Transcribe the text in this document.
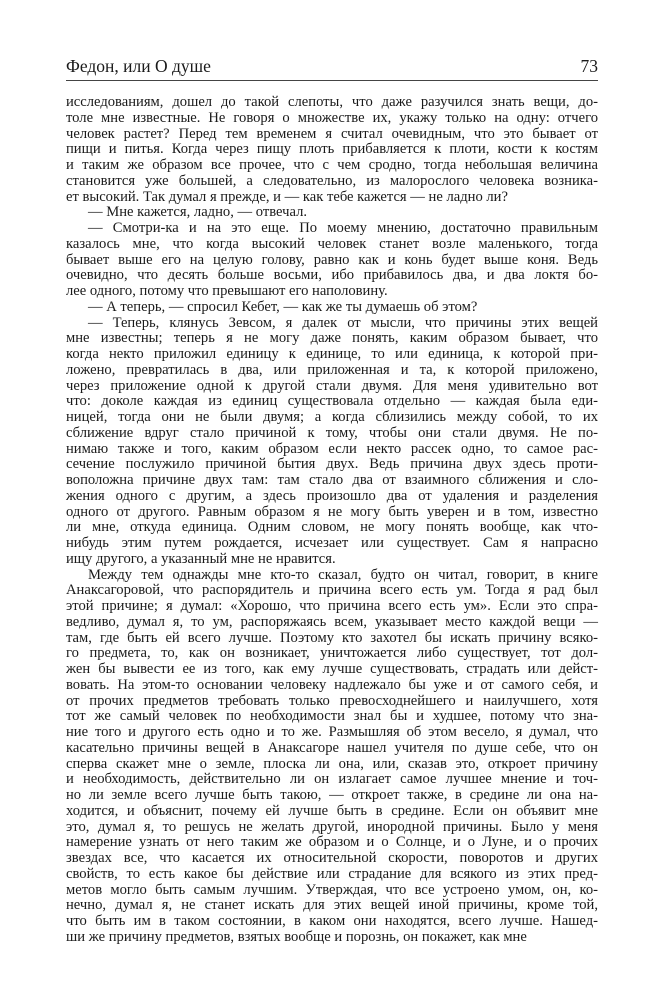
Федон, или О душе	73
исследованиям, дошел до такой слепоты, что даже разучился знать вещи, до-
толе мне известные. Не говоря о множестве их, укажу только на одну: отчего
человек растет? Перед тем временем я считал очевидным, что это бывает от
пищи и питья. Когда через пищу плоть прибавляется к плоти, кости к костям
и таким же образом все прочее, что с чем сродно, тогда небольшая величина
становится уже большей, а следовательно, из малорослого человека возника-
ет высокий. Так думал я прежде, и — как тебе кажется — не ладно ли?
— Мне кажется, ладно, — отвечал.
— Смотри-ка и на это еще. По моему мнению, достаточно правильным
казалось мне, что когда высокий человек станет возле маленького, тогда
бывает выше его на целую голову, равно как и конь будет выше коня. Ведь
очевидно, что десять больше восьми, ибо прибавилось два, и два локтя бо-
лее одного, потому что превышают его наполовину.
— А теперь, — спросил Кебет, — как же ты думаешь об этом?
— Теперь, клянусь Зевсом, я далек от мысли, что причины этих вещей
мне известны; теперь я не могу даже понять, каким образом бывает, что
когда некто приложил единицу к единице, то или единица, к которой при-
ложено, превратилась в два, или приложенная и та, к которой приложено,
через приложение одной к другой стали двумя. Для меня удивительно вот
что: доколе каждая из единиц существовала отдельно — каждая была еди-
ницей, тогда они не были двумя; а когда сблизились между собой, то их
сближение вдруг стало причиной к тому, чтобы они стали двумя. Не по-
нимаю также и того, каким образом если некто рассек одно, то самое рас-
сечение послужило причиной бытия двух. Ведь причина двух здесь проти-
воположна причине двух там: там стало два от взаимного сближения и сло-
жения одного с другим, а здесь произошло два от удаления и разделения
одного от другого. Равным образом я не могу быть уверен и в том, известно
ли мне, откуда единица. Одним словом, не могу понять вообще, как что-
нибудь этим путем рождается, исчезает или существует. Сам я напрасно
ищу другого, а указанный мне не нравится.
Между тем однажды мне кто-то сказал, будто он читал, говорит, в книге
Анаксагоровой, что распорядитель и причина всего есть ум. Тогда я рад был
этой причине; я думал: «Хорошо, что причина всего есть ум». Если это спра-
ведливо, думал я, то ум, распоряжаясь всем, указывает место каждой вещи —
там, где быть ей всего лучше. Поэтому кто захотел бы искать причину всяко-
го предмета, то, как он возникает, уничтожается либо существует, тот дол-
жен бы вывести ее из того, как ему лучше существовать, страдать или дейст-
вовать. На этом-то основании человеку надлежало бы уже и от самого себя, и
от прочих предметов требовать только превосходнейшего и наилучшего, хотя
тот же самый человек по необходимости знал бы и худшее, потому что зна-
ние того и другого есть одно и то же. Размышляя об этом весело, я думал, что
касательно причины вещей в Анаксагоре нашел учителя по душе себе, что он
сперва скажет мне о земле, плоска ли она, или, сказав это, откроет причину
и необходимость, действительно ли он излагает самое лучшее мнение и точ-
но ли земле всего лучше быть такою, — откроет также, в средине ли она на-
ходится, и объяснит, почему ей лучше быть в средине. Если он объявит мне
это, думал я, то решусь не желать другой, инородной причины. Было у меня
намерение узнать от него таким же образом и о Солнце, и о Луне, и о прочих
звездах все, что касается их относительной скорости, поворотов и других
свойств, то есть какое бы действие или страдание для всякого из этих пред-
метов могло быть самым лучшим. Утверждая, что все устроено умом, он, ко-
нечно, думал я, не станет искать для этих вещей иной причины, кроме той,
что быть им в таком состоянии, в каком они находятся, всего лучше. Нашед-
ши же причину предметов, взятых вообще и порознь, он покажет, как мне
